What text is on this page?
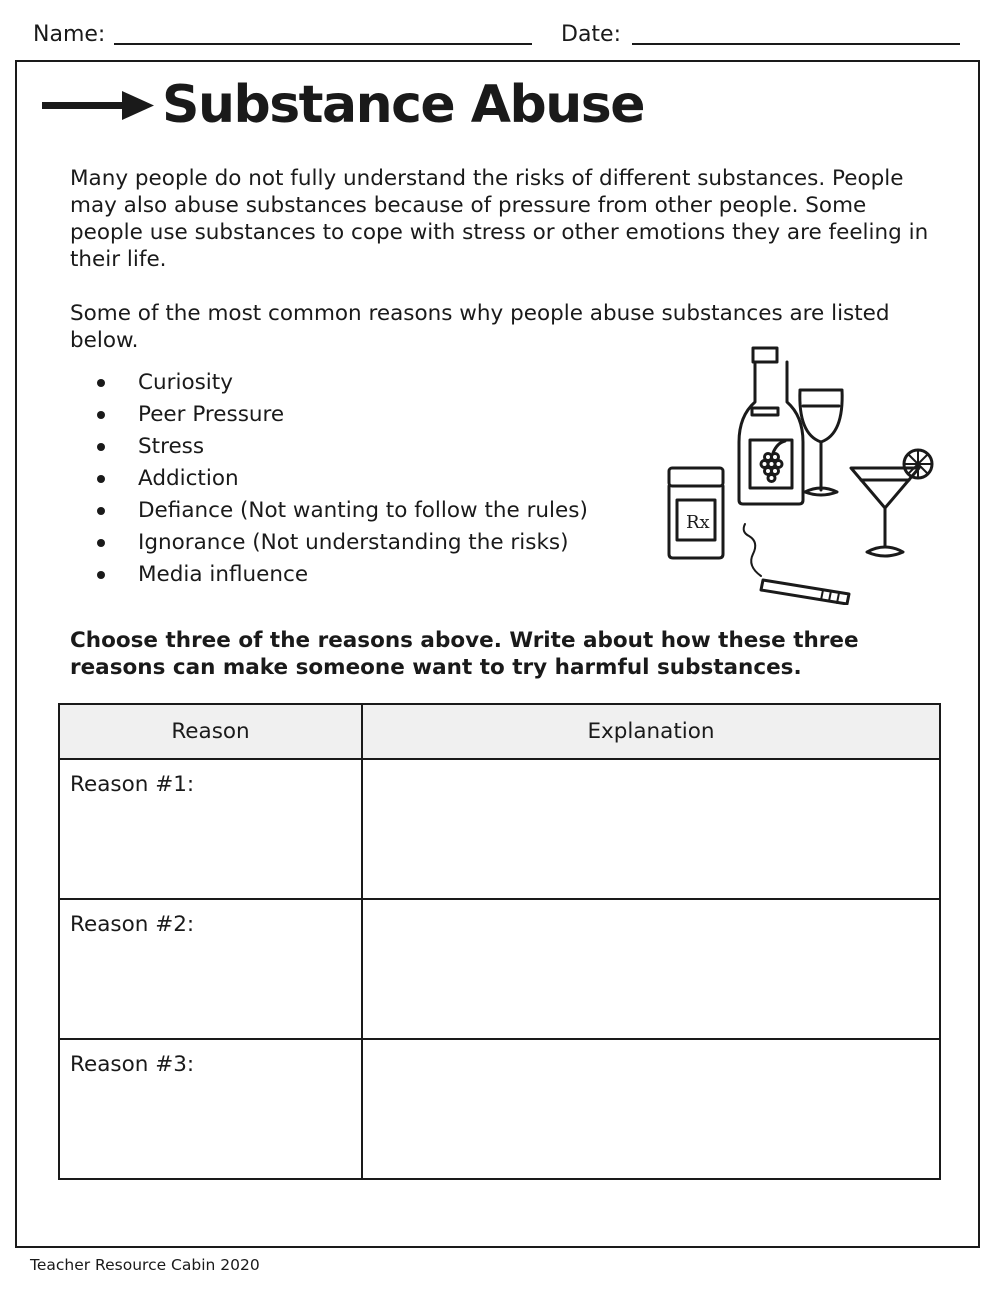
Name:	Date:
Substance Abuse

Many people do not fully understand the risks of different substances. People may also abuse substances because of pressure from other people. Some people use substances to cope with stress or other emotions they are feeling in their life.

Some of the most common reasons why people abuse substances are listed below.

Curiosity
Peer Pressure
Stress
Addiction
Defiance (Not wanting to follow the rules)
Ignorance (Not understanding the risks)
Media influence
Rx

Choose three of the reasons above. Write about how these three reasons can make someone want to try harmful substances.

Reason	Explanation
Reason #1:	
Reason #2:	
Reason #3:	
Teacher Resource Cabin 2020
